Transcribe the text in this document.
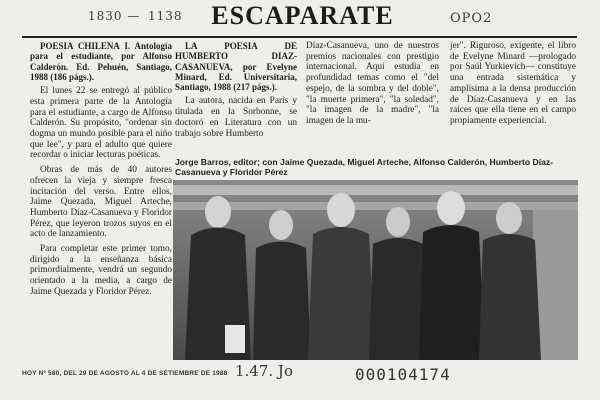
1830 — 1138	ESCAPARATE	OPO2
POESIA CHILENA I. Antología para el estudiante, por Alfonso Calderón. Ed. Pehuén, Santiago, 1988 (186 págs.).

El lunes 22 se entregó al público esta primera parte de la Antología para el estudiante, a cargo de Alfonso Calderón. Su propósito, "ordenar sin dogma un mundo posible para el niño que lee", y para el adulto que quiere recordar o iniciar lecturas poéticas.

Obras de más de 40 autores ofrecen la vieja y siempre fresca incitación del verso. Entre ellos, Jaime Quezada, Miguel Arteche, Humberto Díaz-Casanueva y Floridor Pérez, que leyeron trozos suyos en el acto de lanzamiento.

Para completar este primer tomo, dirigido a la enseñanza básica primordialmente, vendrá un segundo orientado a la media, a cargo de Jaime Quezada y Floridor Pérez.

LA POESIA DE HUMBERTO DIAZ-CASANUEVA, por Evelyne Minard, Ed. Universitaria, Santiago, 1988 (217 págs.).

La autora, nacida en París y titulada en la Sorbonne, se doctoró en Literatura con un trabajo sobre Humberto

Díaz-Casanueva, uno de nuestros premios nacionales con prestigio internacional. Aquí estudia en profundidad temas como el "del espejo, de la sombra y del doble", "la muerte primera", "la soledad", "la imagen de la madre", "la imagen de la mu-

jer". Riguroso, exigente, el libro de Evelyne Minard —prologado por Saúl Yurkievich— constituye una entrada sistemática y amplísima a la densa producción de Díaz-Casanueva y en las raíces que ella tiene en el campo propiamente experiencial.

Jorge Barros, editor; con Jaime Quezada, Miguel Arteche, Alfonso Calderón, Humberto Díaz-Casanueva y Floridor Pérez
HOY Nº 580, DEL 29 DE AGOSTO AL 4 DE SETIEMBRE DE 1988 1.47. Jo	000104174
